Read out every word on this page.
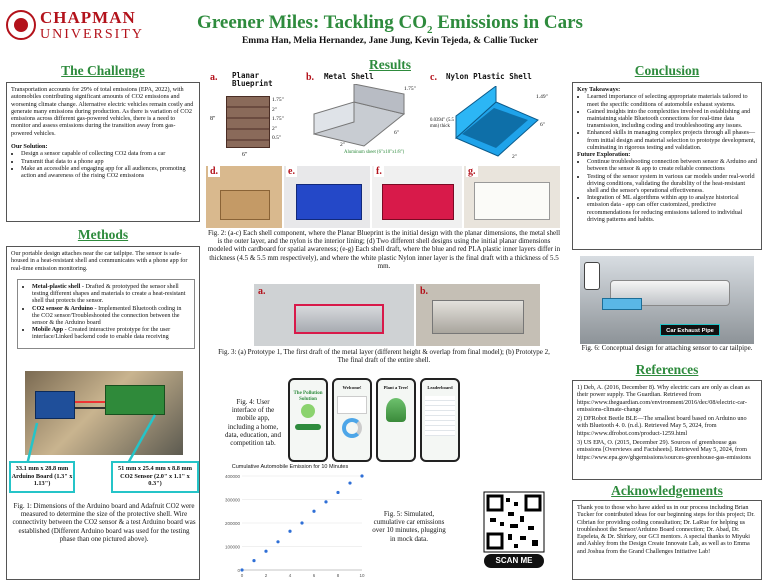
CHAPMAN
UNIVERSITY
Greener Miles: Tackling $CO_2$ Emissions in Cars
Emma Han, Melia Hernandez, Jane Jung, Kevin Tejeda, & Callie Tucker
The Challenge
Transportation accounts for 29% of total emissions (EPA, 2022), with automobiles contributing significant amounts of CO2 emissions and worsening climate change. Alternative electric vehicles remain costly and generate many emissions during production. As there is variation of CO2 emissions across different gas-powered vehicles, there is a need to monitor and assess emissions during the transition away from gas-powered vehicles.
Our Solution:
• Design a sensor capable of collecting CO2 data from a car
• Transmit that data to a phone app
• Make an accessible and engaging app for all audiences, promoting action and awareness of the rising CO2 emissions
Methods
Our portable design attaches near the car tailpipe. The sensor is safe-housed in a heat-resistant shell and communicates with a phone app for real-time emission monitoring.
• Metal-plastic shell - Drafted & prototyped the sensor shell testing different shapes and materials to create a heat-resistant shell that protects the sensor.
• CO2 sensor & Arduino - Implemented Bluetooth coding in the CO2 sensor/Troubleshooted the connection between the sensor & the Arduino board
• Mobile App - Created interactive prototype for the user interface/Linked backend code to enable data receiving
33.1 mm x 28.8 mm Arduino Board (1.3" x 1.13")
51 mm x 25.4 mm x 8.8 mm CO2 Sensor (2.0" x 1.1" x 0.3")
Fig. 1: Dimensions of the Arduino board and Adafruit CO2 were measured to determine the size of the protective shell. Wire connectivity between the CO2 sensor & a test Arduino board was established (Different Arduino board was used for the testing phase than one pictured above).
Results
a. Planar Blueprint
1.75"
2"
1.75"
2"
0.5"
8"
6"
b. Metal Shell
1.75"
2"
6"
Aluminum sheet (6"x10"x1/8")
c. Nylon Plastic Shell
1.49"
6"
2"
0.0394" (5.5 mm) thick
d.	e.	f.	g.
Fig. 2: (a-c) Each shell component, where the Planar Blueprint is the initial design with the planar dimensions, the metal shell is the outer layer, and the nylon is the interior lining; (d) Two different shell designs using the initial planar dimensions modeled with cardboard for spatial awareness; (e-g) Each shell draft, where the blue and red PLA plastic inner layers differ in thickness (4.5 & 5.5 mm respectively), and where the white plastic Nylon inner layer is the final draft with a thickness of 5.5 mm.
a.	b.
Fig. 3: (a) Prototype 1, The first draft of the metal layer (different height & overlap from final model); (b) Prototype 2, The final draft of the entire shell.
Fig. 4: User interface of the mobile app, including a home, data, education, and competition tab.
The Pollution Solution
Welcome!	Plant a Tree!	Leaderboard
Cumulative Automobile Emission for 10 Minutes
0
100000
200000
300000
400000
0	2	4	6	8	10
Fig. 5: Simulated, cumulative car emissions over 10 minutes, plugging in mock data.
SCAN ME
Conclusion
Key Takeaways:
• Learned importance of selecting appropriate materials tailored to meet the specific conditions of automobile exhaust systems.
• Gained insights into the complexities involved in establishing and maintaining stable Bluetooth connections for real-time data transmission, including coding and troubleshooting any issues.
• Enhanced skills in managing complex projects through all phases—from initial design and material selection to prototype development, culminating in rigorous testing and validation.
Future Exploration:
• Continue troubleshooting connection between sensor & Arduino and between the sensor & app to create reliable connections
• Testing of the sensor system in various car models under real-world driving conditions, validating the durability of the heat-resistant shell and the sensor's operational effectiveness.
• Integration of ML algorithms within app to analyze historical emission data - app can offer customized, predictive recommendations for reducing emissions tailored to individual driving patterns and habits.
Car Exhaust Pipe
Fig. 6: Conceptual design for attaching sensor to car tailpipe.
References
1) Deb, A. (2016, December 8). Why electric cars are only as clean as their power supply. The Guardian. Retrieved from https://www.theguardian.com/environment/2016/dec/08/electric-car-emissions-climate-change
2) DFRobot Beetle BLE—The smallest board based on Arduino uno with Bluetooth 4. 0. (n.d.). Retrieved May 5, 2024, from https://www.dfrobot.com/product-1259.html
3) US EPA, O. (2015, December 29). Sources of greenhouse gas emissions [Overviews and Factsheets]. Retrieved May 5, 2024, from https://www.epa.gov/ghgemissions/sources-greenhouse-gas-emissions
Acknowledgements
Thank you to those who have aided us in our process including Brian Tucker for contributed ideas for our beginning steps for this project; Dr. Cibrian for providing coding consultation; Dr. LaRue for helping us troubleshoot the Sensor/Arduino Board connection; Dr. Abad, Dr. Espeleta, & Dr. Shirkey, our GCI mentors. A special thanks to Miyuki and Ashley from the Design Create Innovate Lab, as well as to Emma and Joshua from the Grand Challenges Initiative Lab!
